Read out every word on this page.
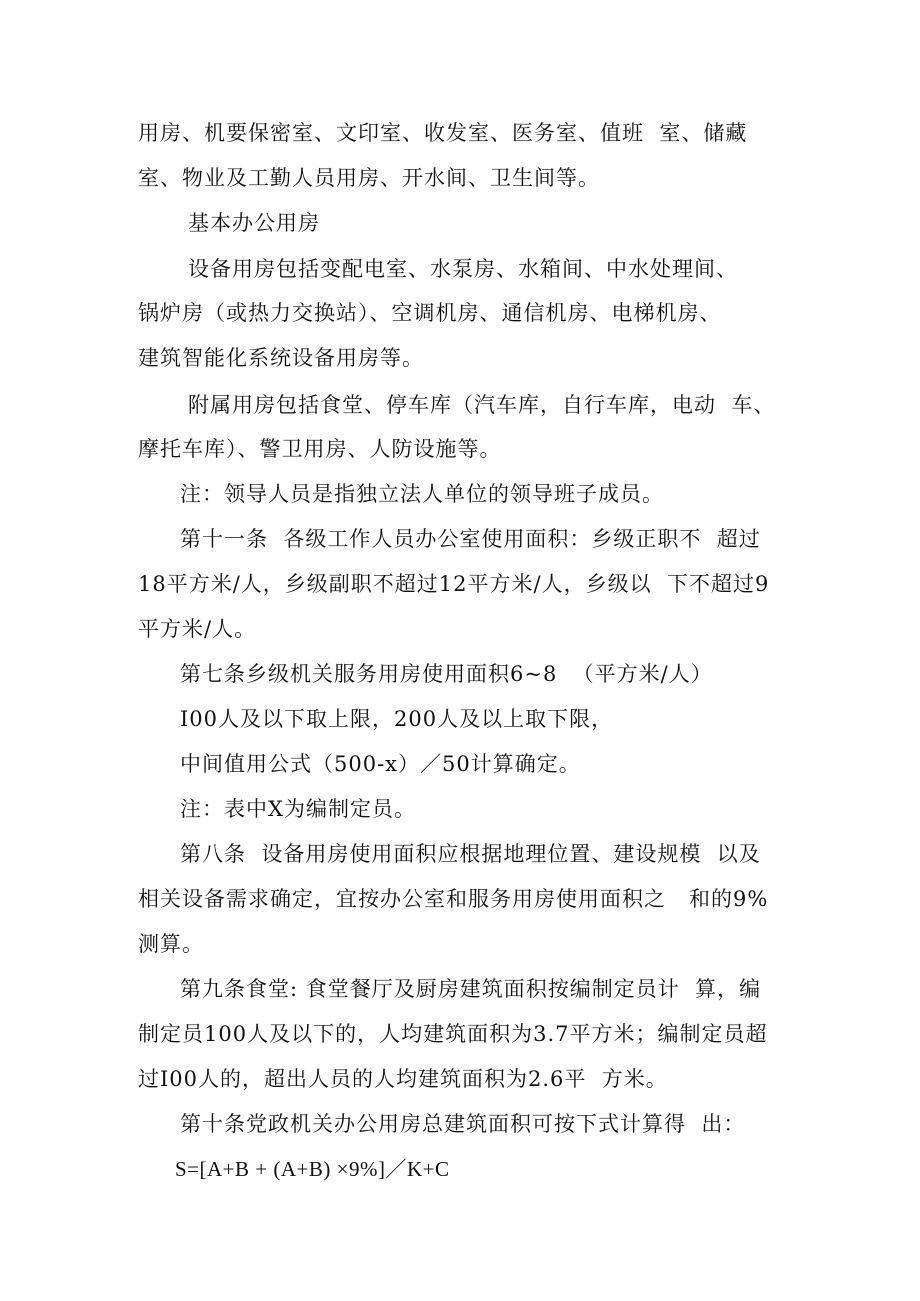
用房、机要保密室、文印室、收发室、医务室、值班  室、储藏
室、物业及工勤人员用房、开水间、卫生间等。
基本办公用房
设备用房包括变配电室、水泵房、水箱间、中水处理间、
锅炉房（或热力交换站）、空调机房、通信机房、电梯机房、
建筑智能化系统设备用房等。
附属用房包括食堂、停车库（汽车库，自行车库，电动  车、
摩托车库）、警卫用房、人防设施等。
注：领导人员是指独立法人单位的领导班子成员。
第十一条  各级工作人员办公室使用面积：乡级正职不  超过
18平方米/人，乡级副职不超过12平方米/人，乡级以  下不超过9
平方米/人。
第七条乡级机关服务用房使用面积6~8  （平方米/人）
I00人及以下取上限，200人及以上取下限，
中间值用公式（500-x）／50计算确定。
注：表中X为编制定员。
第八条  设备用房使用面积应根据地理位置、建设规模  以及
相关设备需求确定，宜按办公室和服务用房使用面积之   和的9%
测算。
第九条食堂: 食堂餐厅及厨房建筑面积按编制定员计  算，编
制定员100人及以下的，人均建筑面积为3.7平方米；编制定员超
过I00人的，超出人员的人均建筑面积为2.6平  方米。
第十条党政机关办公用房总建筑面积可按下式计算得  出：
S=[A+B + (A+B) ×9%]／K+C
